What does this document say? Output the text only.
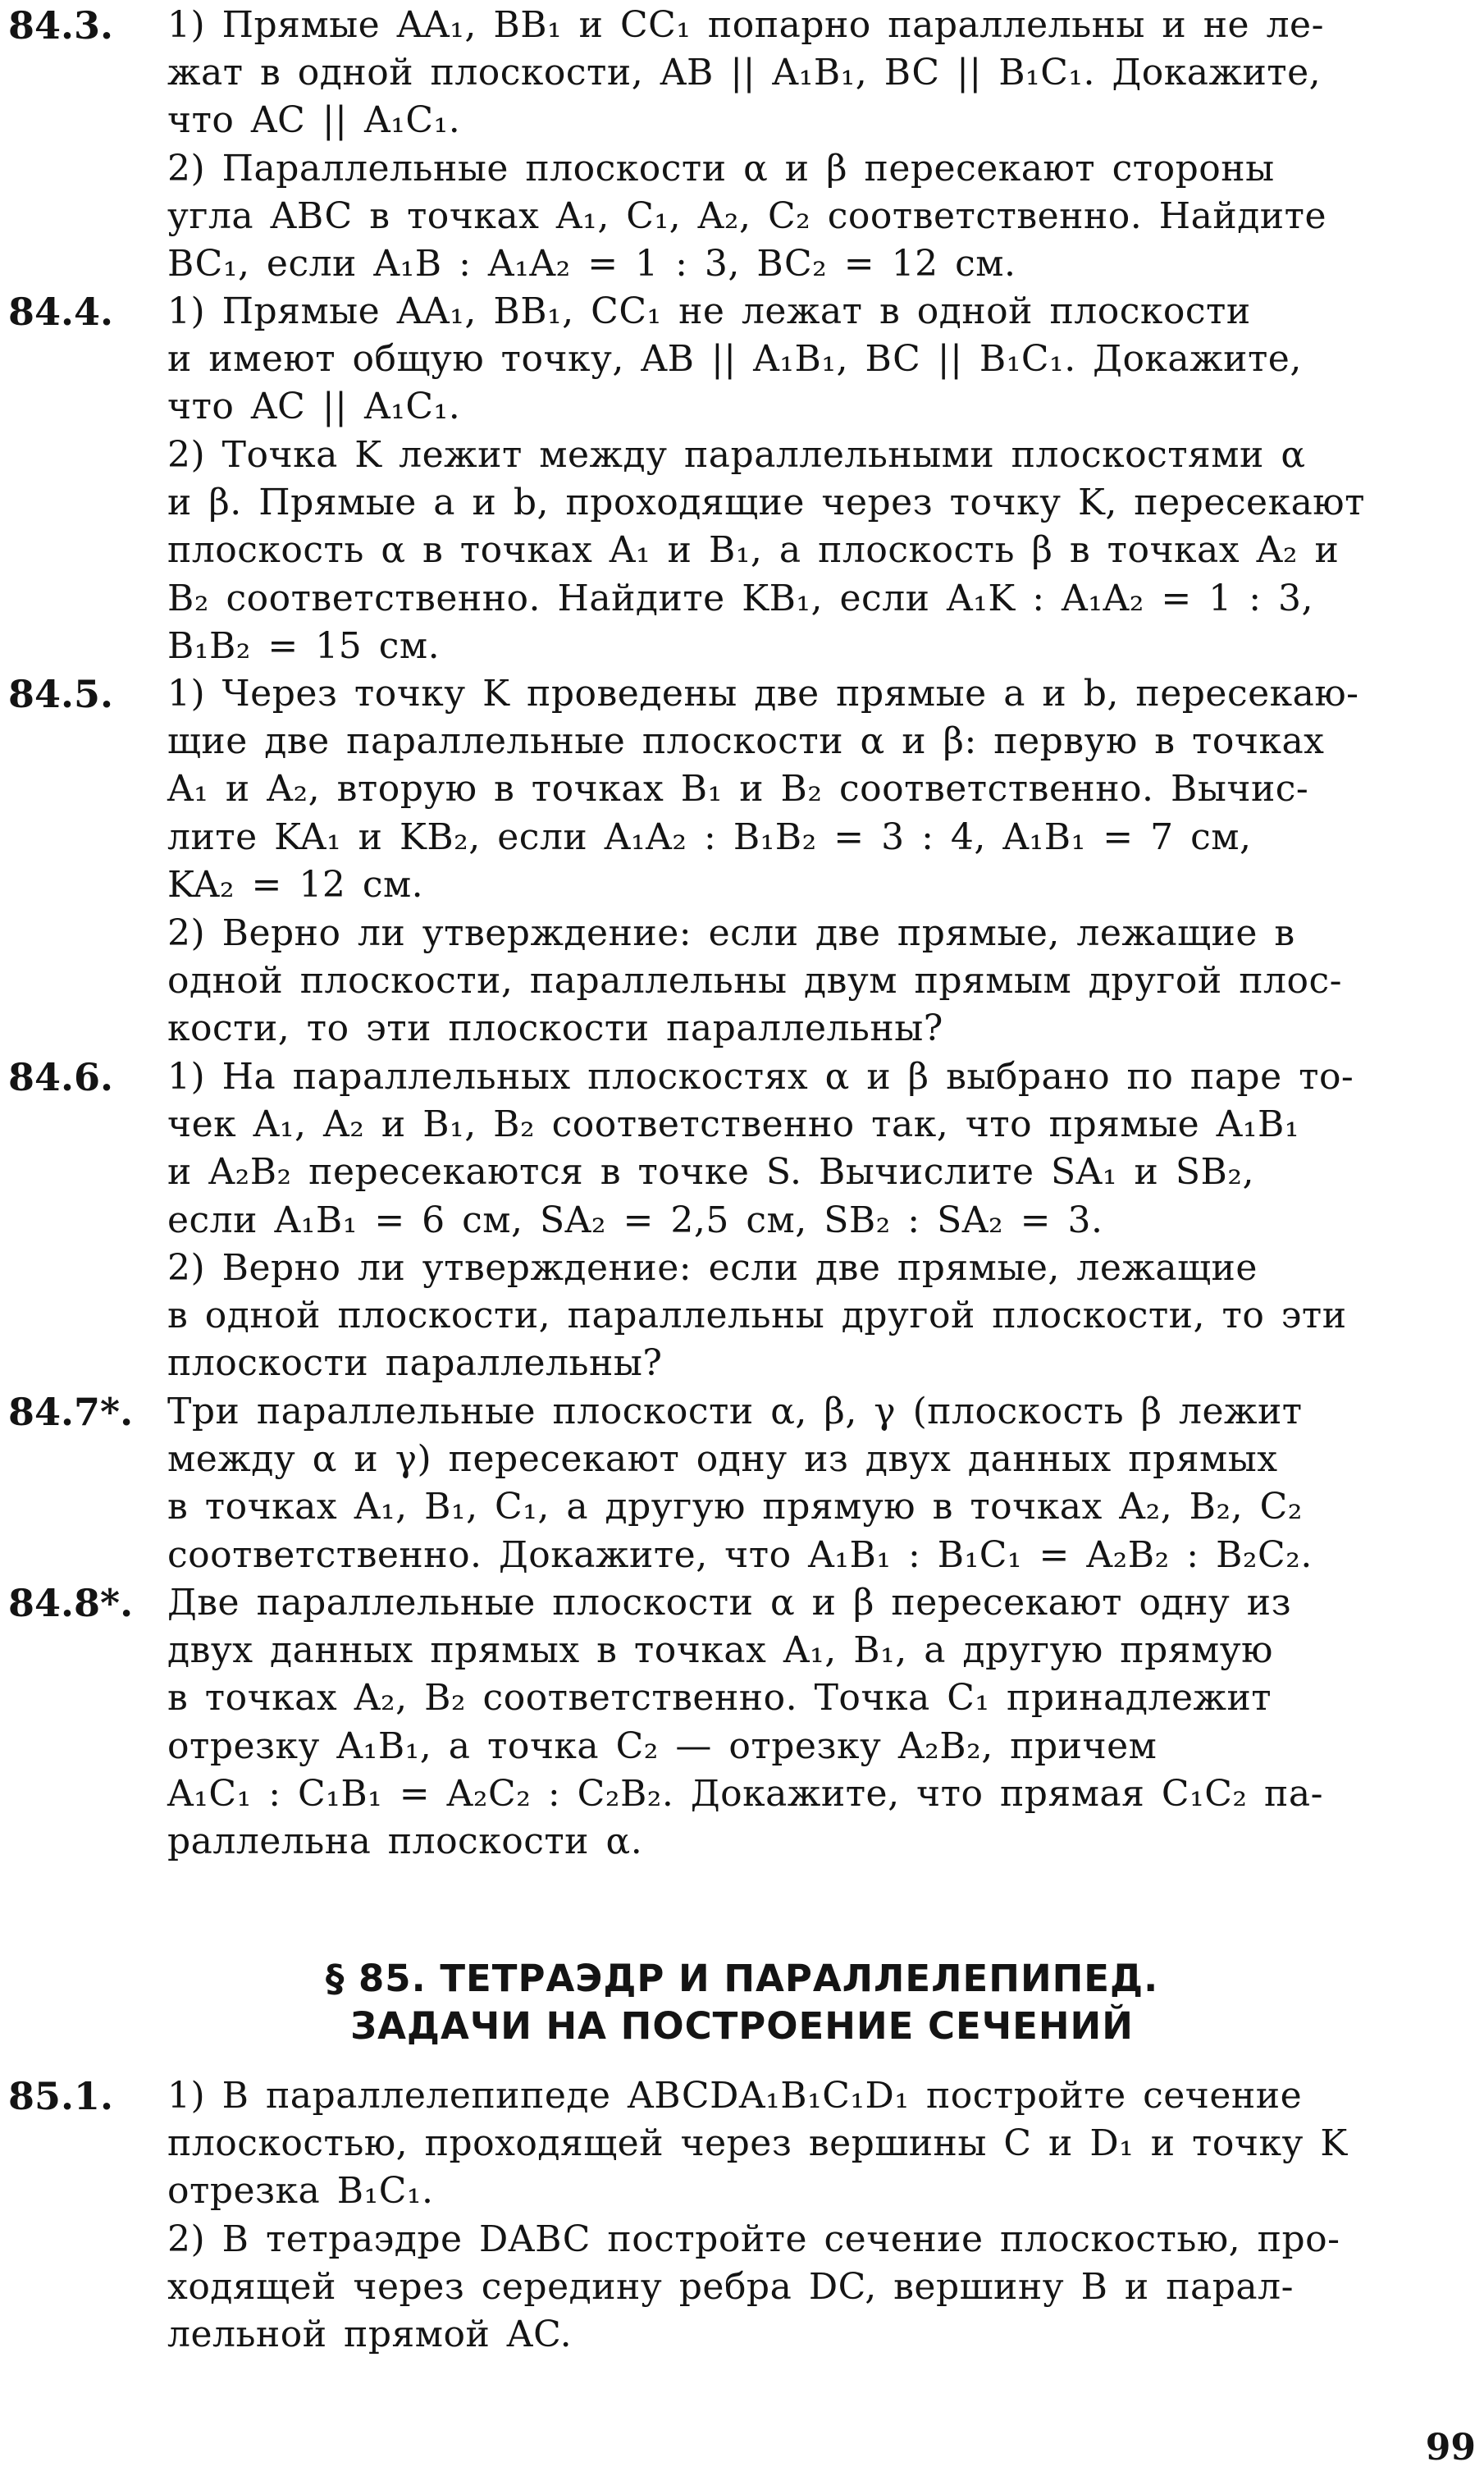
84.3. 1) Прямые AA₁, BB₁ и CC₁ попарно параллельны и не ле-
жат в одной плоскости, AB || A₁B₁, BC || B₁C₁. Докажите,
что AC || A₁C₁.
2) Параллельные плоскости α и β пересекают стороны
угла ABC в точках A₁, C₁, A₂, C₂ соответственно. Найдите
BC₁, если A₁B : A₁A₂ = 1 : 3, BC₂ = 12 см.
84.4. 1) Прямые AA₁, BB₁, CC₁ не лежат в одной плоскости
и имеют общую точку, AB || A₁B₁, BC || B₁C₁. Докажите,
что AC || A₁C₁.
2) Точка K лежит между параллельными плоскостями α
и β. Прямые a и b, проходящие через точку K, пересекают
плоскость α в точках A₁ и B₁, а плоскость β в точках A₂ и
B₂ соответственно. Найдите KB₁, если A₁K : A₁A₂ = 1 : 3,
B₁B₂ = 15 см.
84.5. 1) Через точку K проведены две прямые a и b, пересекаю-
щие две параллельные плоскости α и β: первую в точках
A₁ и A₂, вторую в точках B₁ и B₂ соответственно. Вычис-
лите KA₁ и KB₂, если A₁A₂ : B₁B₂ = 3 : 4, A₁B₁ = 7 см,
KA₂ = 12 см.
2) Верно ли утверждение: если две прямые, лежащие в
одной плоскости, параллельны двум прямым другой плос-
кости, то эти плоскости параллельны?
84.6. 1) На параллельных плоскостях α и β выбрано по паре то-
чек A₁, A₂ и B₁, B₂ соответственно так, что прямые A₁B₁
и A₂B₂ пересекаются в точке S. Вычислите SA₁ и SB₂,
если A₁B₁ = 6 см, SA₂ = 2,5 см, SB₂ : SA₂ = 3.
2) Верно ли утверждение: если две прямые, лежащие
в одной плоскости, параллельны другой плоскости, то эти
плоскости параллельны?
84.7*. Три параллельные плоскости α, β, γ (плоскость β лежит
между α и γ) пересекают одну из двух данных прямых
в точках A₁, B₁, C₁, а другую прямую в точках A₂, B₂, C₂
соответственно. Докажите, что A₁B₁ : B₁C₁ = A₂B₂ : B₂C₂.
84.8*. Две параллельные плоскости α и β пересекают одну из
двух данных прямых в точках A₁, B₁, а другую прямую
в точках A₂, B₂ соответственно. Точка C₁ принадлежит
отрезку A₁B₁, а точка C₂ — отрезку A₂B₂, причем
A₁C₁ : C₁B₁ = A₂C₂ : C₂B₂. Докажите, что прямая C₁C₂ па-
раллельна плоскости α.
§ 85. ТЕТРАЭДР И ПАРАЛЛЕЛЕПИПЕД.
ЗАДАЧИ НА ПОСТРОЕНИЕ СЕЧЕНИЙ
85.1. 1) В параллелепипеде ABCDA₁B₁C₁D₁ постройте сечение
плоскостью, проходящей через вершины C и D₁ и точку K
отрезка B₁C₁.
2) В тетраэдре DABC постройте сечение плоскостью, про-
ходящей через середину ребра DC, вершину B и парал-
лельной прямой AC.
99
